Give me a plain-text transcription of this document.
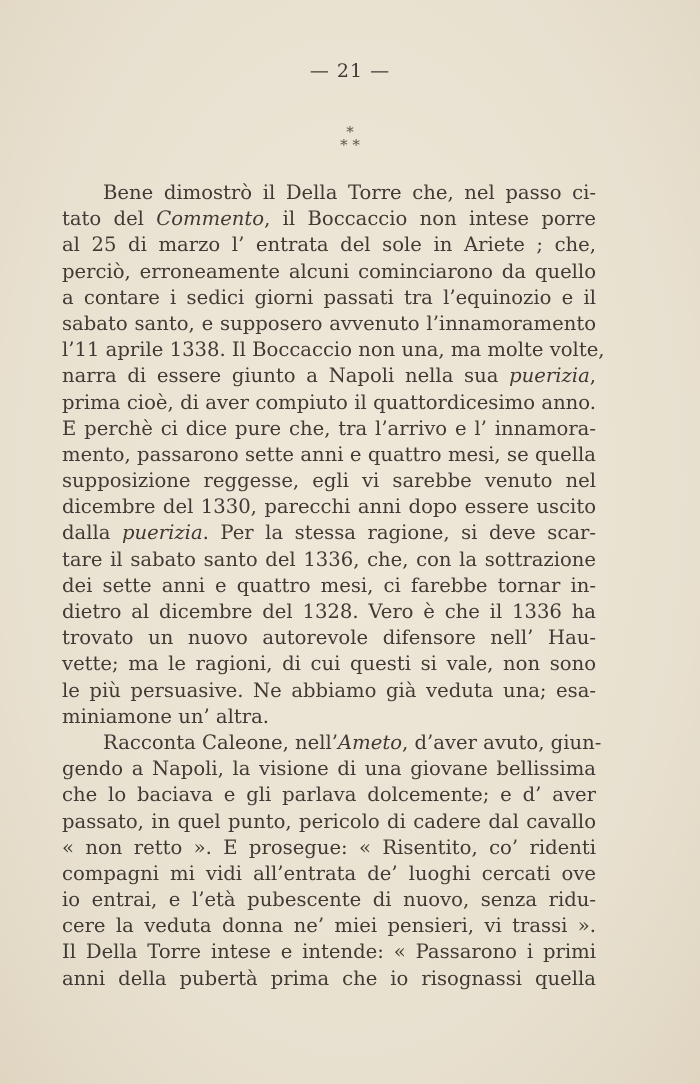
— 21 —
*
* *
Bene dimostrò il Della Torre che, nel passo ci-
tato del Commento, il Boccaccio non intese porre
al 25 di marzo l’ entrata del sole in Ariete ; che,
perciò, erroneamente alcuni cominciarono da quello
a contare i sedici giorni passati tra l’equinozio e il
sabato santo, e supposero avvenuto l’innamoramento
l’11 aprile 1338. Il Boccaccio non una, ma molte volte,
narra di essere giunto a Napoli nella sua puerizia,
prima cioè, di aver compiuto il quattordicesimo anno.
E perchè ci dice pure che, tra l’arrivo e l’ innamora-
mento, passarono sette anni e quattro mesi, se quella
supposizione reggesse, egli vi sarebbe venuto nel
dicembre del 1330, parecchi anni dopo essere uscito
dalla puerizia. Per la stessa ragione, si deve scar-
tare il sabato santo del 1336, che, con la sottrazione
dei sette anni e quattro mesi, ci farebbe tornar in-
dietro al dicembre del 1328. Vero è che il 1336 ha
trovato un nuovo autorevole difensore nell’ Hau-
vette; ma le ragioni, di cui questi si vale, non sono
le più persuasive. Ne abbiamo già veduta una; esa-
miniamone un’ altra.
Racconta Caleone, nell’Ameto, d’aver avuto, giun-
gendo a Napoli, la visione di una giovane bellissima
che lo baciava e gli parlava dolcemente; e d’ aver
passato, in quel punto, pericolo di cadere dal cavallo
« non retto ». E prosegue: « Risentito, co’ ridenti
compagni mi vidi all’entrata de’ luoghi cercati ove
io entrai, e l’età pubescente di nuovo, senza ridu-
cere la veduta donna ne’ miei pensieri, vi trassi ».
Il Della Torre intese e intende: « Passarono i primi
anni della pubertà prima che io risognassi quella
